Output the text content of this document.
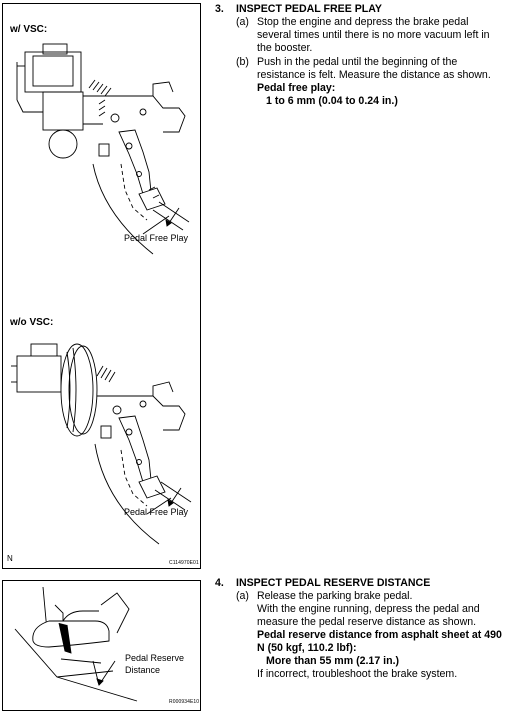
w/ VSC:
Pedal Free Play
w/o VSC:
Pedal Free Play
N	C114970E01
Pedal Reserve
Distance
R000934E10
3. INSPECT PEDAL FREE PLAY
(a) Stop the engine and depress the brake pedal
several times until there is no more vacuum left in
the booster.
(b) Push in the pedal until the beginning of the
resistance is felt. Measure the distance as shown.
Pedal free play:
1 to 6 mm (0.04 to 0.24 in.)
4. INSPECT PEDAL RESERVE DISTANCE
(a) Release the parking brake pedal.
With the engine running, depress the pedal and
measure the pedal reserve distance as shown.
Pedal reserve distance from asphalt sheet at 490
N (50 kgf, 110.2 lbf):
More than 55 mm (2.17 in.)
If incorrect, troubleshoot the brake system.
